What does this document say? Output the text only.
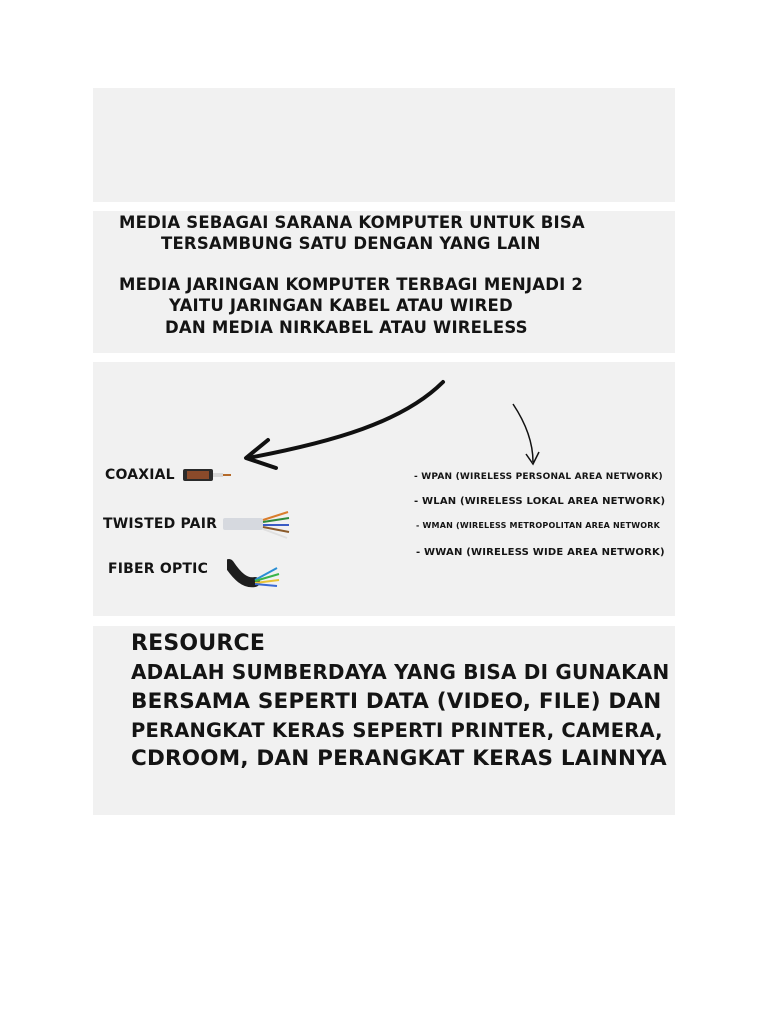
MEDIA SEBAGAI SARANA KOMPUTER UNTUK BISA

TERSAMBUNG SATU DENGAN YANG LAIN

MEDIA JARINGAN KOMPUTER TERBAGI MENJADI 2

YAITU JARINGAN KABEL ATAU WIRED

DAN MEDIA NIRKABEL ATAU WIRELESS

COAXIAL

TWISTED PAIR

FIBER OPTIC

- WPAN (WIRELESS PERSONAL AREA NETWORK)

- WLAN (WIRELESS LOKAL AREA NETWORK)

- WMAN (WIRELESS METROPOLITAN AREA NETWORK

- WWAN (WIRELESS WIDE AREA NETWORK)

RESOURCE

ADALAH SUMBERDAYA YANG BISA DI GUNAKAN

BERSAMA SEPERTI DATA (VIDEO, FILE) DAN

PERANGKAT KERAS SEPERTI PRINTER, CAMERA,

CDROOM, DAN PERANGKAT KERAS LAINNYA
